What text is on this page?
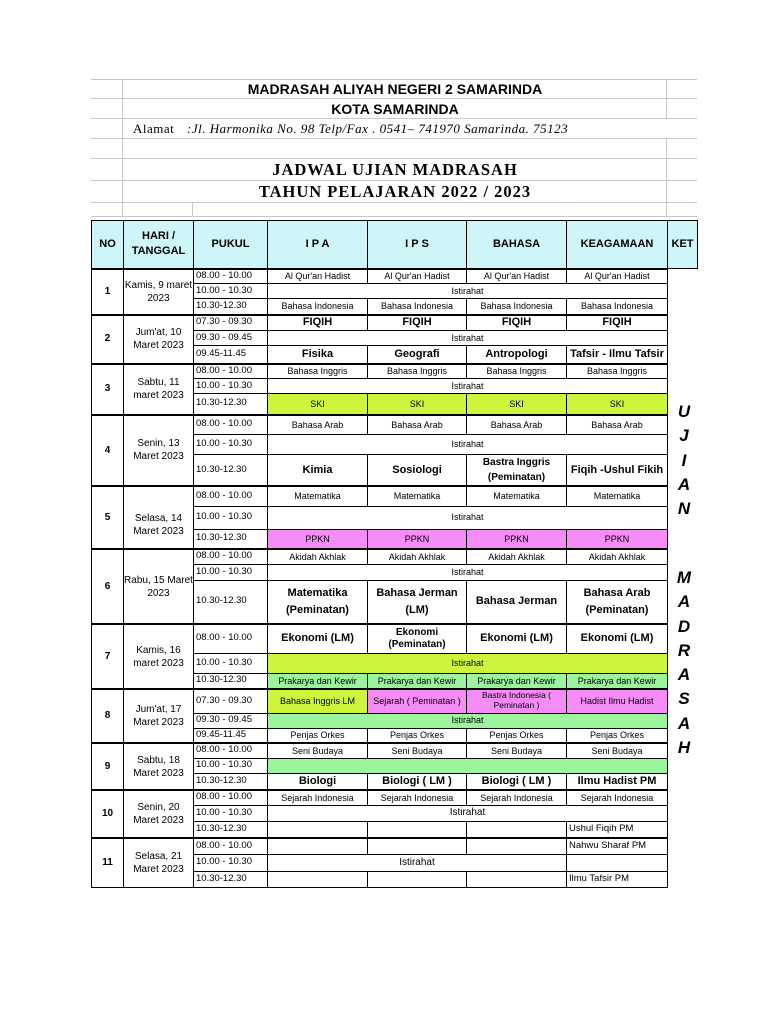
MADRASAH ALIYAH NEGERI 2 SAMARINDA
KOTA SAMARINDA
Alamat :Jl. Harmonika No. 98 Telp/Fax . 0541– 741970 Samarinda. 75123
JADWAL UJIAN MADRASAH
TAHUN PELAJARAN 2022 / 2023
NO	HARI / TANGGAL	PUKUL	I P A	I P S	BAHASA	KEAGAMAAN	KET
1	Kamis, 9 maret 2023	08.00 - 10.00	Al Qur'an Hadist	Al Qur'an Hadist	Al Qur'an Hadist	Al Qur'an Hadist	
		10.00 - 10.30	Istirahat				
		10.30-12.30	Bahasa Indonesia	Bahasa Indonesia	Bahasa Indonesia	Bahasa Indonesia	
2	Jum'at, 10 Maret 2023	07.30 - 09.30	FIQIH	FIQIH	FIQIH	FIQIH	
		09.30 - 09.45	Istirahat				
		09.45-11.45	Fisika	Geografi	Antropologi	Tafsir - Ilmu Tafsir	
3	Sabtu, 11 maret 2023	08.00 - 10.00	Bahasa Inggris	Bahasa Inggris	Bahasa Inggris	Bahasa Inggris	
		10.00 - 10.30	Istirahat				
		10.30-12.30	SKI	SKI	SKI	SKI	
4	Senin, 13 Maret 2023	08.00 - 10.00	Bahasa Arab	Bahasa Arab	Bahasa Arab	Bahasa Arab	
		10.00 - 10.30	Istirahat				
		10.30-12.30	Kimia	Sosiologi	Bastra Inggris (Peminatan)	Fiqih -Ushul Fikih	
5	Selasa, 14 Maret 2023	08.00 - 10.00	Matematika	Matematika	Matematika	Matematika	
		10.00 - 10.30	Istirahat				
		10.30-12.30	PPKN	PPKN	PPKN	PPKN	
6	Rabu, 15 Maret 2023	08.00 - 10.00	Akidah Akhlak	Akidah Akhlak	Akidah Akhlak	Akidah Akhlak	
		10.00 - 10.30	Istirahat				
		10.30-12.30	Matematika (Peminatan)	Bahasa Jerman (LM)	Bahasa Jerman	Bahasa Arab (Peminatan)	
7	Kamis, 16 maret 2023	08.00 - 10.00	Ekonomi (LM)	Ekonomi (Peminatan)	Ekonomi (LM)	Ekonomi (LM)	
		10.00 - 10.30	Istirahat				
		10.30-12.30	Prakarya dan Kewir	Prakarya dan Kewir	Prakarya dan Kewir	Prakarya dan Kewir	
8	Jum'at, 17 Maret 2023	07.30 - 09.30	Bahasa Inggris LM	Sejarah ( Peminatan )	Bastra Indonesia ( Peminatan )	Hadist Ilmu Hadist	
		09.30 - 09.45	Istirahat				
		09.45-11.45	Penjas Orkes	Penjas Orkes	Penjas Orkes	Penjas Orkes	
9	Sabtu, 18 Maret 2023	08.00 - 10.00	Seni Budaya	Seni Budaya	Seni Budaya	Seni Budaya	
		10.00 - 10.30					
		10.30-12.30	Biologi	Biologi ( LM )	Biologi ( LM )	Ilmu Hadist PM	
10	Senin, 20 Maret 2023	08.00 - 10.00	Sejarah Indonesia	Sejarah Indonesia	Sejarah Indonesia	Sejarah Indonesia	
		10.00 - 10.30	Istirahat				
		10.30-12.30				Ushul Fiqih PM	
11	Selasa, 21 Maret 2023	08.00 - 10.00				Nahwu Sharaf PM	
		10.00 - 10.30	Istirahat				
		10.30-12.30				Ilmu Tafsir PM	
U
J
I
A
N
M
A
D
R
A
S
A
H
